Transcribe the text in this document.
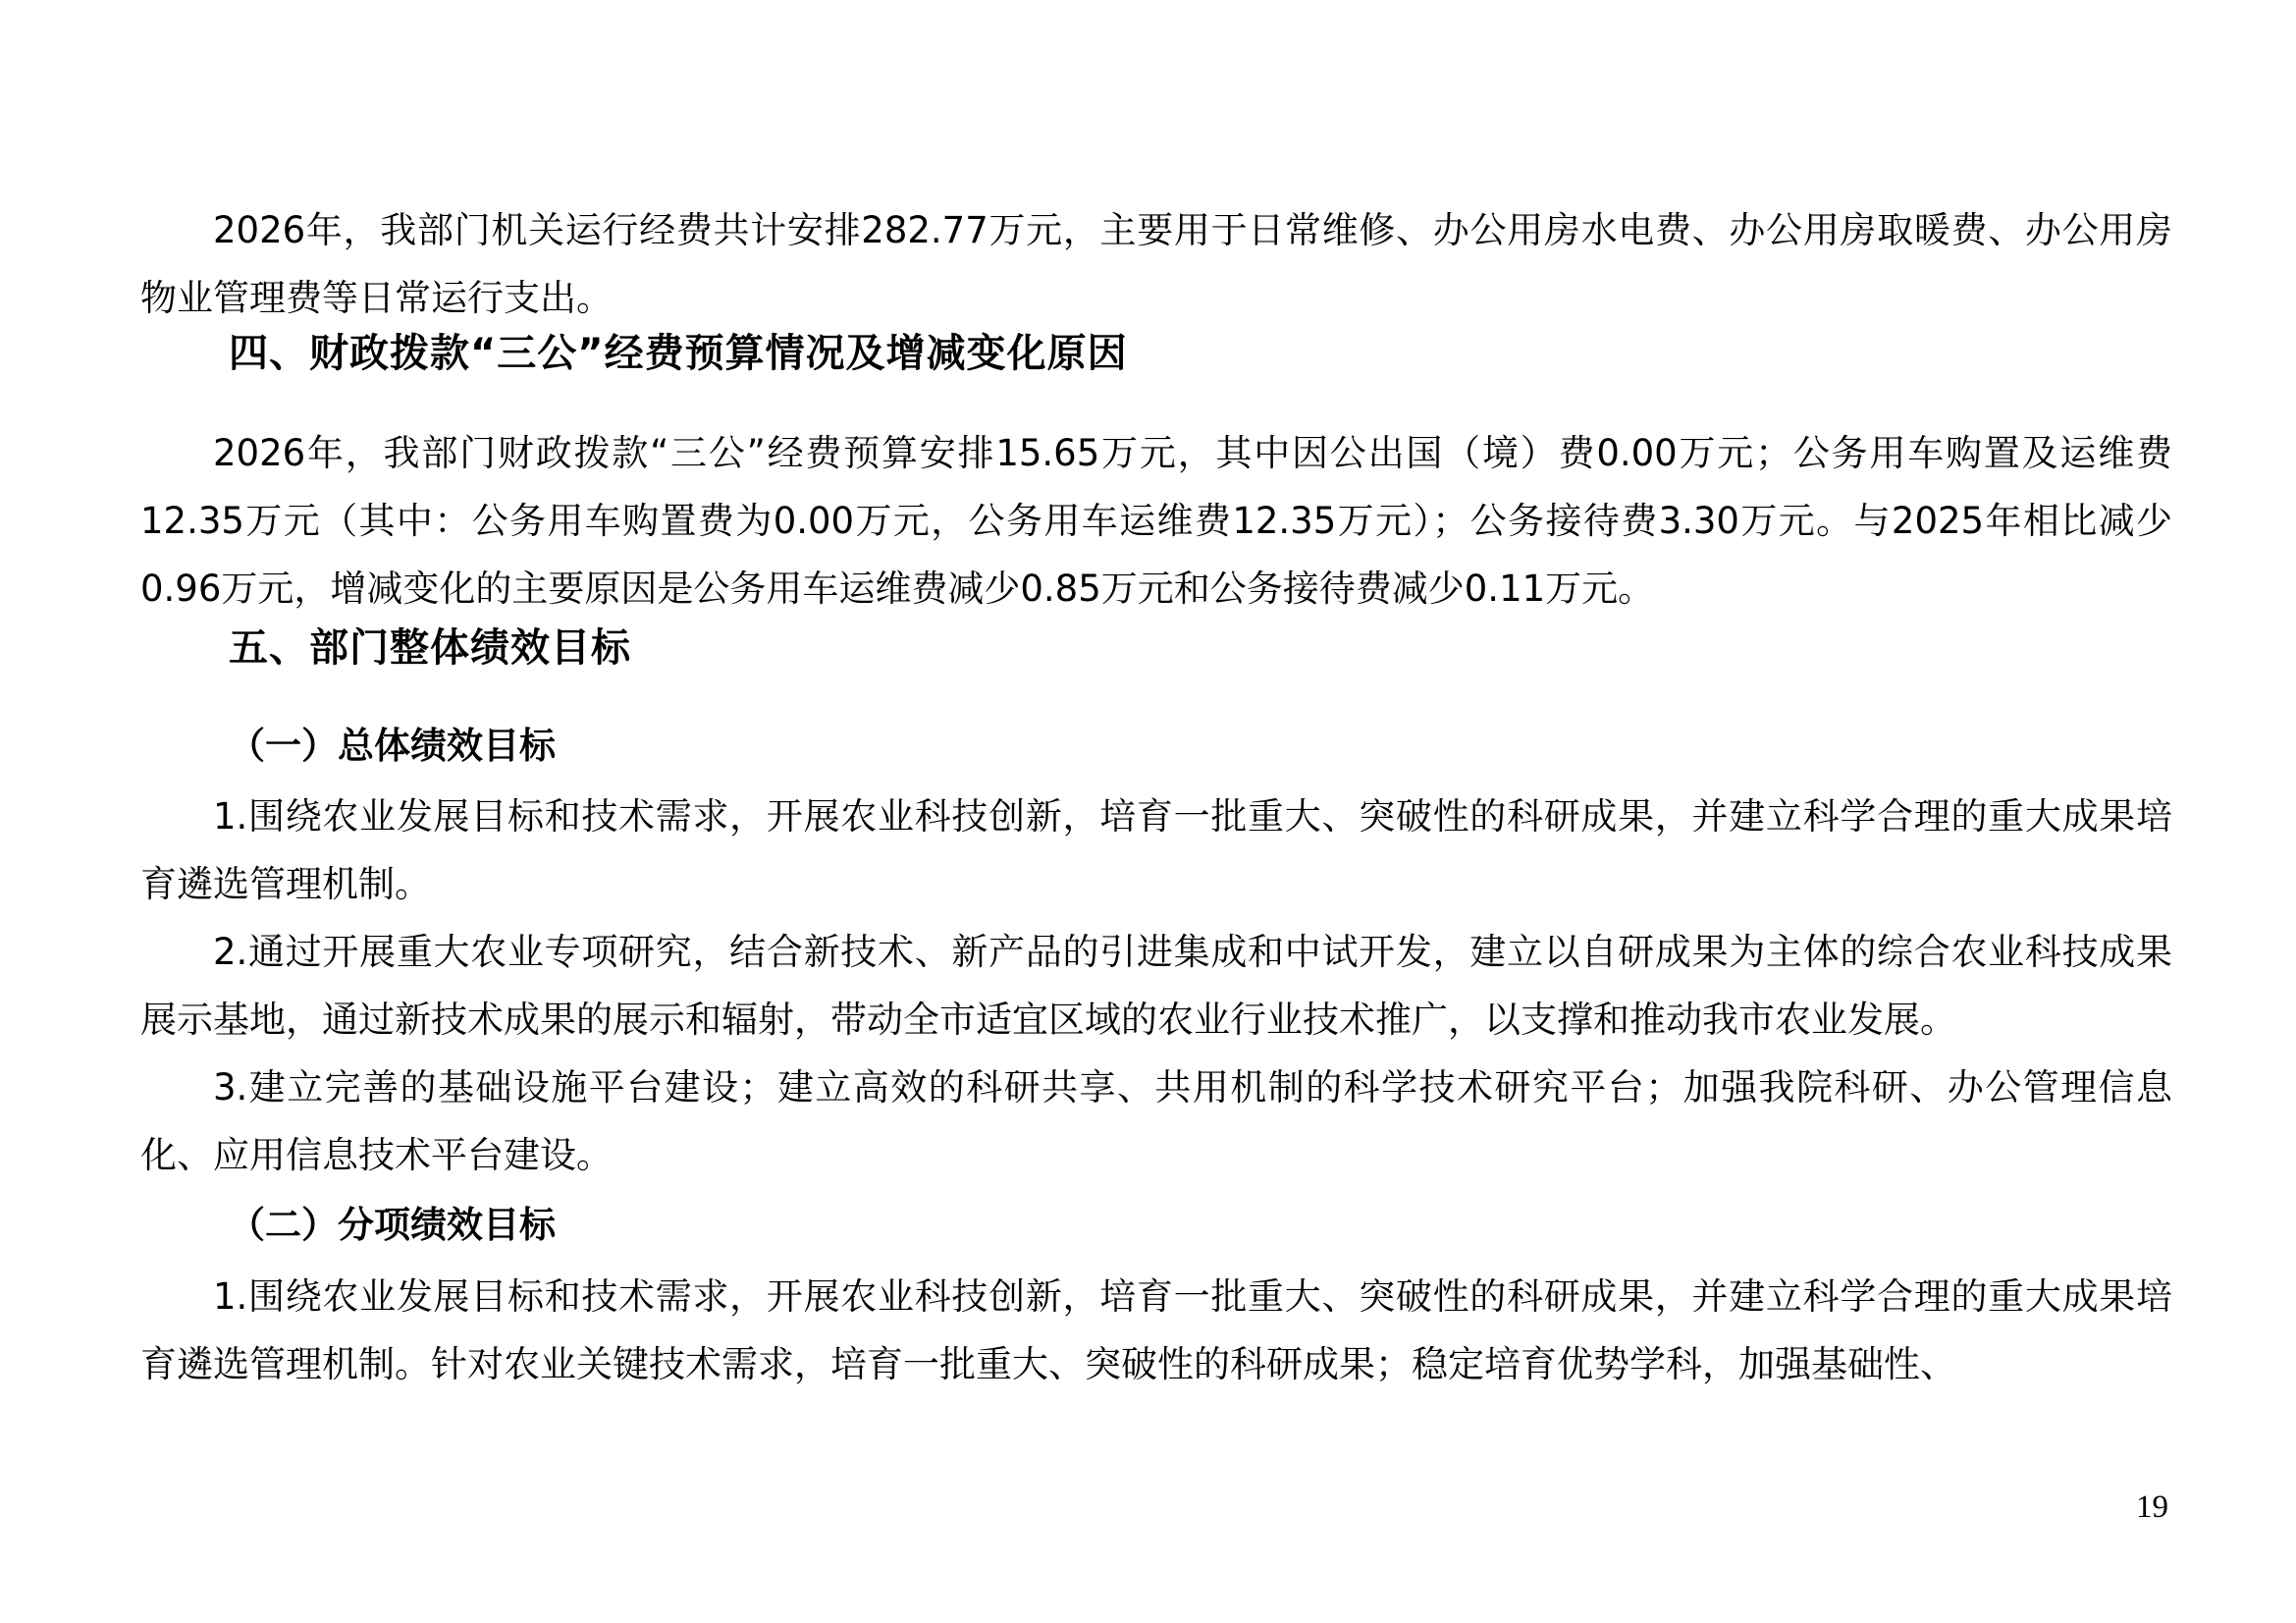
2026年，我部门机关运行经费共计安排282.77万元，主要用于日常维修、办公用房水电费、办公用房取暖费、办公用房物业管理费等日常运行支出。

四、财政拨款“三公”经费预算情况及增减变化原因

2026年，我部门财政拨款“三公”经费预算安排15.65万元，其中因公出国（境）费0.00万元；公务用车购置及运维费12.35万元（其中：公务用车购置费为0.00万元，公务用车运维费12.35万元）；公务接待费3.30万元。与2025年相比减少0.96万元，增减变化的主要原因是公务用车运维费减少0.85万元和公务接待费减少0.11万元。

五、部门整体绩效目标
（一）总体绩效目标

1.围绕农业发展目标和技术需求，开展农业科技创新，培育一批重大、突破性的科研成果，并建立科学合理的重大成果培育遴选管理机制。

2.通过开展重大农业专项研究，结合新技术、新产品的引进集成和中试开发，建立以自研成果为主体的综合农业科技成果展示基地，通过新技术成果的展示和辐射，带动全市适宜区域的农业行业技术推广，以支撑和推动我市农业发展。

3.建立完善的基础设施平台建设；建立高效的科研共享、共用机制的科学技术研究平台；加强我院科研、办公管理信息化、应用信息技术平台建设。

（二）分项绩效目标

1.围绕农业发展目标和技术需求，开展农业科技创新，培育一批重大、突破性的科研成果，并建立科学合理的重大成果培育遴选管理机制。针对农业关键技术需求，培育一批重大、突破性的科研成果；稳定培育优势学科，加强基础性、

19
